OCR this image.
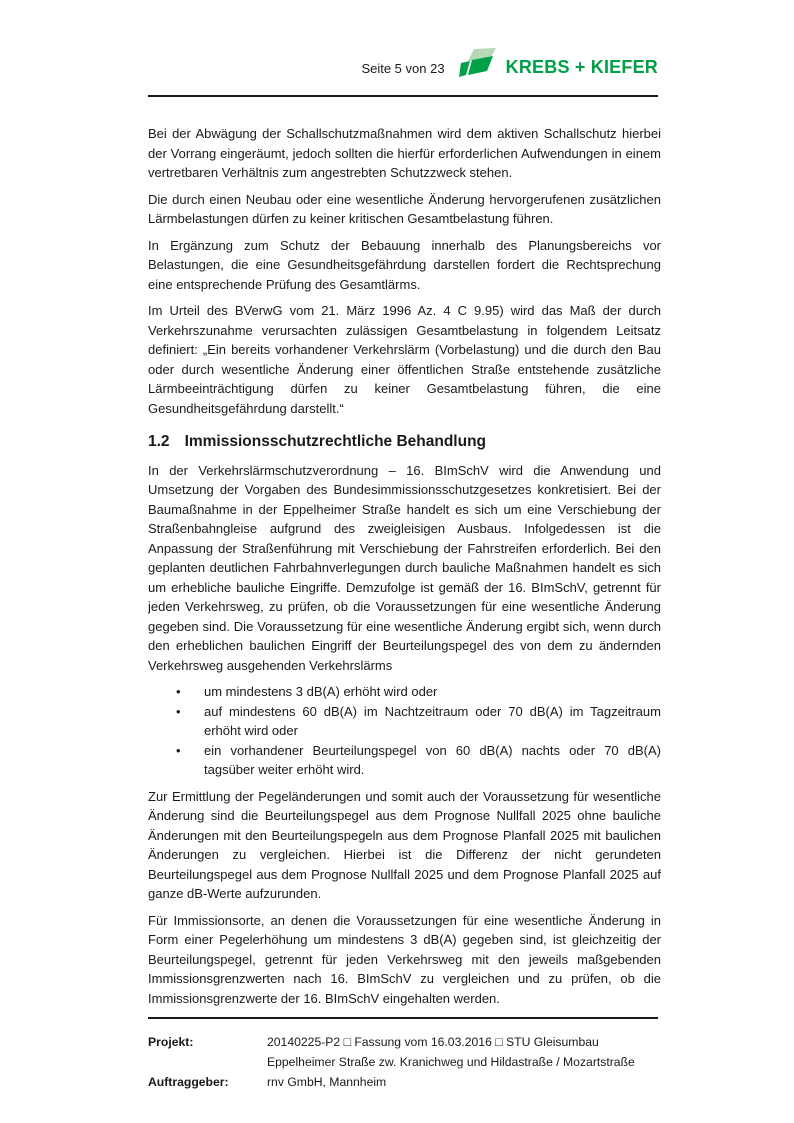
Seite 5 von 23	KREBS + KIEFER

Bei der Abwägung der Schallschutzmaßnahmen wird dem aktiven Schallschutz hierbei der Vorrang eingeräumt, jedoch sollten die hierfür erforderlichen Aufwendungen in einem vertretbaren Verhältnis zum angestrebten Schutzzweck stehen.

Die durch einen Neubau oder eine wesentliche Änderung hervorgerufenen zusätzlichen Lärmbelastungen dürfen zu keiner kritischen Gesamtbelastung führen.

In Ergänzung zum Schutz der Bebauung innerhalb des Planungsbereichs vor Belastungen, die eine Gesundheitsgefährdung darstellen fordert die Rechtsprechung eine entsprechende Prüfung des Gesamtlärms.

Im Urteil des BVerwG vom 21. März 1996 Az. 4 C 9.95) wird das Maß der durch Verkehrszunahme verursachten zulässigen Gesamtbelastung in folgendem Leitsatz definiert: „Ein bereits vorhandener Verkehrslärm (Vorbelastung) und die durch den Bau oder durch wesentliche Änderung einer öffentlichen Straße entstehende zusätzliche Lärmbeeinträchtigung dürfen zu keiner Gesamtbelastung führen, die eine Gesundheitsgefährdung darstellt.“

1.2 Immissionsschutzrechtliche Behandlung

In der Verkehrslärmschutzverordnung – 16. BImSchV wird die Anwendung und Umsetzung der Vorgaben des Bundesimmissionsschutzgesetzes konkretisiert. Bei der Baumaßnahme in der Eppelheimer Straße handelt es sich um eine Verschiebung der Straßenbahngleise aufgrund des zweigleisigen Ausbaus. Infolgedessen ist die Anpassung der Straßenführung mit Verschiebung der Fahrstreifen erforderlich. Bei den geplanten deutlichen Fahrbahnverlegungen durch bauliche Maßnahmen handelt es sich um erhebliche bauliche Eingriffe. Demzufolge ist gemäß der 16. BImSchV, getrennt für jeden Verkehrsweg, zu prüfen, ob die Voraussetzungen für eine wesentliche Änderung gegeben sind. Die Voraussetzung für eine wesentliche Änderung ergibt sich, wenn durch den erheblichen baulichen Eingriff der Beurteilungspegel des von dem zu ändernden Verkehrsweg ausgehenden Verkehrslärms

• um mindestens 3 dB(A) erhöht wird oder
• auf mindestens 60 dB(A) im Nachtzeitraum oder 70 dB(A) im Tagzeitraum erhöht wird oder
• ein vorhandener Beurteilungspegel von 60 dB(A) nachts oder 70 dB(A) tagsüber weiter erhöht wird.

Zur Ermittlung der Pegeländerungen und somit auch der Voraussetzung für wesentliche Änderung sind die Beurteilungspegel aus dem Prognose Nullfall 2025 ohne bauliche Änderungen mit den Beurteilungspegeln aus dem Prognose Planfall 2025 mit baulichen Änderungen zu vergleichen. Hierbei ist die Differenz der nicht gerundeten Beurteilungspegel aus dem Prognose Nullfall 2025 und dem Prognose Planfall 2025 auf ganze dB-Werte aufzurunden.

Für Immissionsorte, an denen die Voraussetzungen für eine wesentliche Änderung in Form einer Pegelerhöhung um mindestens 3 dB(A) gegeben sind, ist gleichzeitig der Beurteilungspegel, getrennt für jeden Verkehrsweg mit den jeweils maßgebenden Immissionsgrenzwerten nach 16. BImSchV zu vergleichen und zu prüfen, ob die Immissionsgrenzwerte der 16. BImSchV eingehalten werden.

Projekt:	20140225-P2 □ Fassung vom 16.03.2016 □ STU Gleisumbau Eppelheimer Straße zw. Kranichweg und Hildastraße / Mozartstraße
Auftraggeber:	rnv GmbH, Mannheim
